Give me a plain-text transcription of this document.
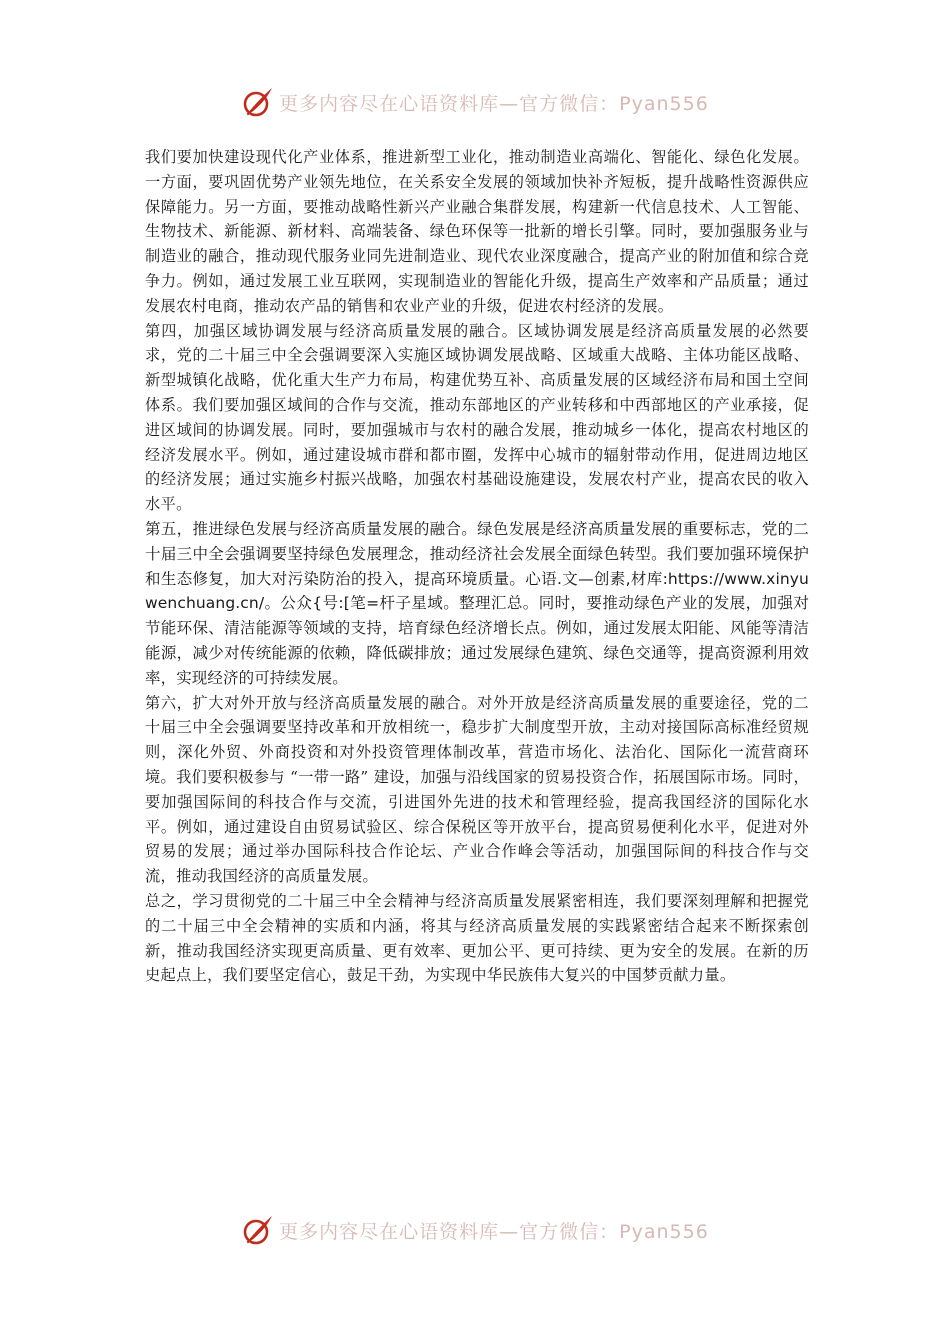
更多内容尽在心语资料库—官方微信：Pyan556

我们要加快建设现代化产业体系，推进新型工业化，推动制造业高端化、智能化、绿色化发展。一方面，要巩固优势产业领先地位，在关系安全发展的领域加快补齐短板，提升战略性资源供应保障能力。另一方面，要推动战略性新兴产业融合集群发展，构建新一代信息技术、人工智能、生物技术、新能源、新材料、高端装备、绿色环保等一批新的增长引擎。同时，要加强服务业与制造业的融合，推动现代服务业同先进制造业、现代农业深度融合，提高产业的附加值和综合竞争力。例如，通过发展工业互联网，实现制造业的智能化升级，提高生产效率和产品质量；通过发展农村电商，推动农产品的销售和农业产业的升级，促进农村经济的发展。

第四，加强区域协调发展与经济高质量发展的融合。区域协调发展是经济高质量发展的必然要求，党的二十届三中全会强调要深入实施区域协调发展战略、区域重大战略、主体功能区战略、新型城镇化战略，优化重大生产力布局，构建优势互补、高质量发展的区域经济布局和国土空间体系。我们要加强区域间的合作与交流，推动东部地区的产业转移和中西部地区的产业承接，促进区域间的协调发展。同时，要加强城市与农村的融合发展，推动城乡一体化，提高农村地区的经济发展水平。例如，通过建设城市群和都市圈，发挥中心城市的辐射带动作用，促进周边地区的经济发展；通过实施乡村振兴战略，加强农村基础设施建设，发展农村产业，提高农民的收入水平。

第五，推进绿色发展与经济高质量发展的融合。绿色发展是经济高质量发展的重要标志，党的二十届三中全会强调要坚持绿色发展理念，推动经济社会发展全面绿色转型。我们要加强环境保护和生态修复，加大对污染防治的投入，提高环境质量。心语.文—创素,材库:https://www.xinyuwenchuang.cn/。公众{号:[笔=杆子星域。整理汇总。同时，要推动绿色产业的发展，加强对节能环保、清洁能源等领域的支持，培育绿色经济增长点。例如，通过发展太阳能、风能等清洁能源，减少对传统能源的依赖，降低碳排放；通过发展绿色建筑、绿色交通等，提高资源利用效率，实现经济的可持续发展。

第六，扩大对外开放与经济高质量发展的融合。对外开放是经济高质量发展的重要途径，党的二十届三中全会强调要坚持改革和开放相统一，稳步扩大制度型开放，主动对接国际高标准经贸规则，深化外贸、外商投资和对外投资管理体制改革，营造市场化、法治化、国际化一流营商环境。我们要积极参与 “一带一路” 建设，加强与沿线国家的贸易投资合作，拓展国际市场。同时，要加强国际间的科技合作与交流，引进国外先进的技术和管理经验，提高我国经济的国际化水平。例如，通过建设自由贸易试验区、综合保税区等开放平台，提高贸易便利化水平，促进对外贸易的发展；通过举办国际科技合作论坛、产业合作峰会等活动，加强国际间的科技合作与交流，推动我国经济的高质量发展。

总之，学习贯彻党的二十届三中全会精神与经济高质量发展紧密相连，我们要深刻理解和把握党的二十届三中全会精神的实质和内涵，将其与经济高质量发展的实践紧密结合起来不断探索创新，推动我国经济实现更高质量、更有效率、更加公平、更可持续、更为安全的发展。在新的历史起点上，我们要坚定信心，鼓足干劲，为实现中华民族伟大复兴的中国梦贡献力量。

更多内容尽在心语资料库—官方微信：Pyan556
